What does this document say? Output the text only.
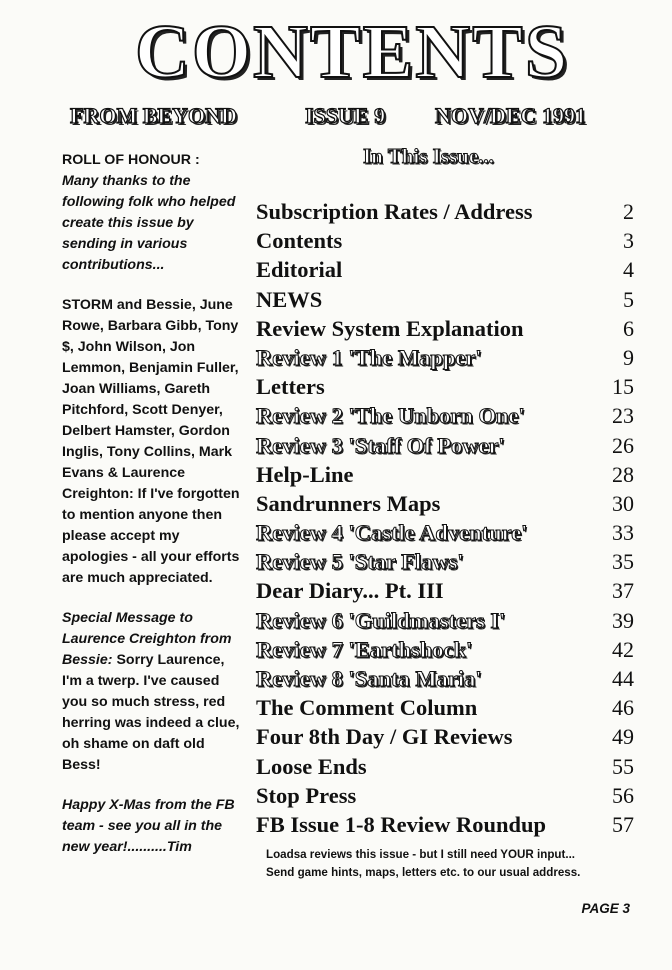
CONTENTS
FROM BEYOND	ISSUE 9 NOV/DEC 1991

ROLL OF HONOUR :
Many thanks to the following folk who helped create this issue by sending in various contributions...

STORM and Bessie, June Rowe, Barbara Gibb, Tony $, John Wilson, Jon Lemmon, Benjamin Fuller, Joan Williams, Gareth Pitchford, Scott Denyer, Delbert Hamster, Gordon Inglis, Tony Collins, Mark Evans & Laurence Creighton: If I've forgotten to mention anyone then please accept my apologies - all your efforts are much appreciated.

Special Message to Laurence Creighton from Bessie: Sorry Laurence, I'm a twerp. I've caused you so much stress, red herring was indeed a clue, oh shame on daft old Bess!

Happy X-Mas from the FB team - see you all in the new year!..........Tim

In This Issue...
Subscription Rates / Address	2
Contents	3
Editorial	4
NEWS	5
Review System Explanation	6
Review 1 'The Mapper'	9
Letters	15
Review 2 'The Unborn One'	23
Review 3 'Staff Of Power'	26
Help-Line	28
Sandrunners Maps	30
Review 4 'Castle Adventure'	33
Review 5 'Star Flaws'	35
Dear Diary... Pt. III	37
Review 6 'Guildmasters I'	39
Review 7 'Earthshock'	42
Review 8 'Santa Maria'	44
The Comment Column	46
Four 8th Day / GI Reviews	49
Loose Ends	55
Stop Press	56
FB Issue 1-8 Review Roundup	57
Loadsa reviews this issue - but I still need YOUR input...
Send game hints, maps, letters etc. to our usual address.
PAGE 3
